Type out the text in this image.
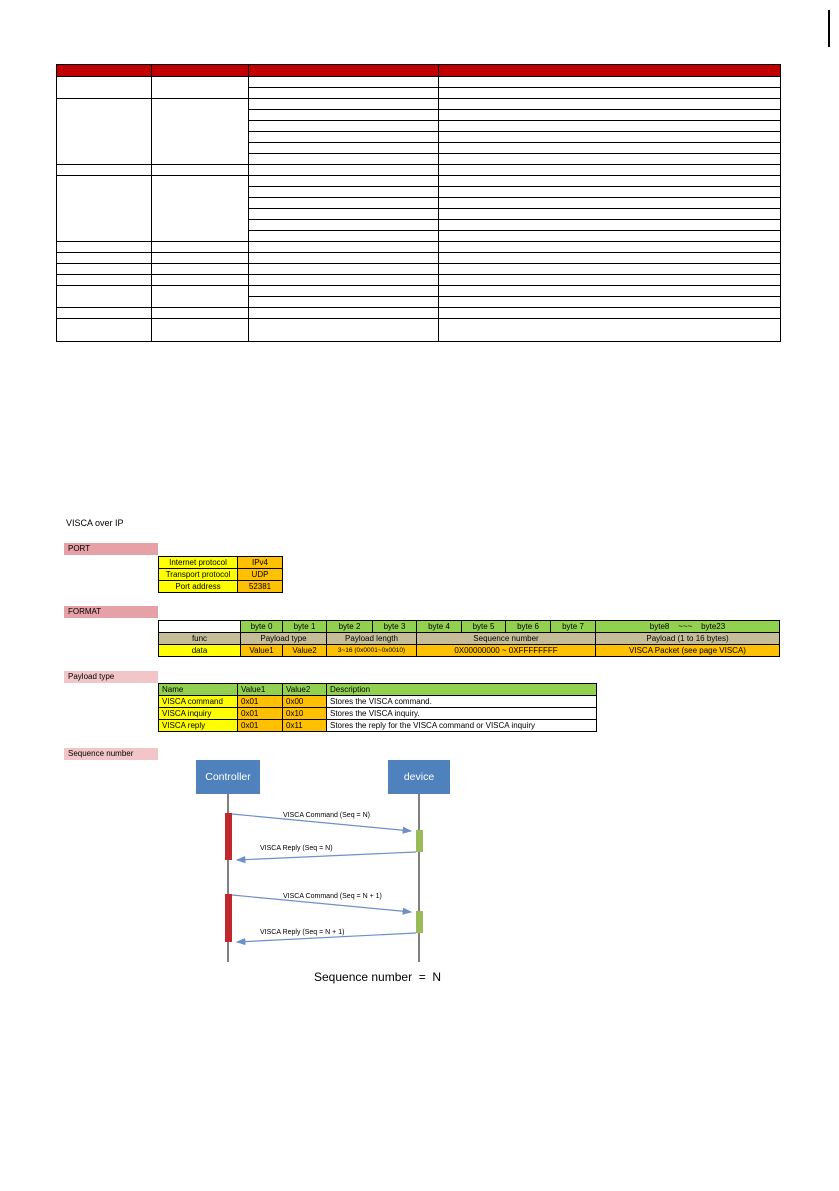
VISCA over IP
PORT
Internet protocol	IPv4
Transport protocol	UDP
Port address	52381
FORMAT
	byte 0	byte 1	byte 2	byte 3	byte 4	byte 5	byte 6	byte 7	byte8 ~~~ byte23
func	Payload type		Payload length		Sequence number				Payload (1 to 16 bytes)
data	Value1	Value2	3~16 (0x0001~0x0010)		0X00000000 ~ 0XFFFFFFFF				VISCA Packet (see page VISCA)
Payload type
Name	Value1	Value2	Description
VISCA command	0x01	0x00	Stores the VISCA command.
VISCA inquiry	0x01	0x10	Stores the VISCA inquiry.
VISCA reply	0x01	0x11	Stores the reply for the VISCA command or VISCA inquiry
Sequence number
Controller	device
VISCA Command (Seq = N)
VISCA Reply (Seq = N)
VISCA Command (Seq = N + 1)
VISCA Reply (Seq = N + 1)
Sequence number  =  N
